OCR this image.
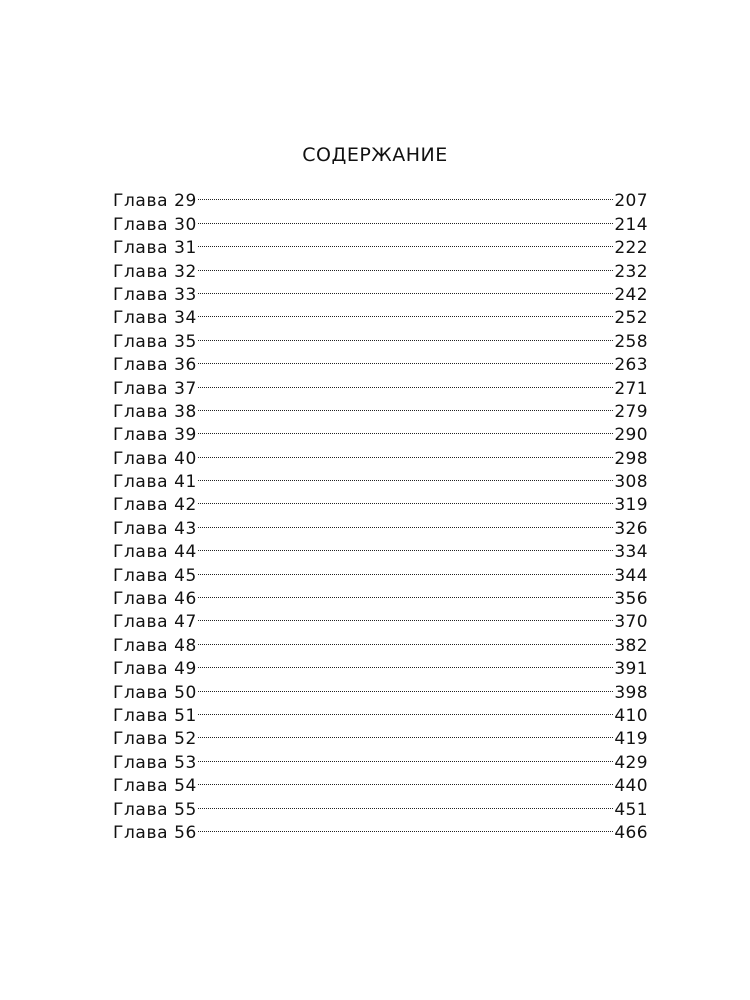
СОДЕРЖАНИЕ
Глава 29	207
Глава 30	214
Глава 31	222
Глава 32	232
Глава 33	242
Глава 34	252
Глава 35	258
Глава 36	263
Глава 37	271
Глава 38	279
Глава 39	290
Глава 40	298
Глава 41	308
Глава 42	319
Глава 43	326
Глава 44	334
Глава 45	344
Глава 46	356
Глава 47	370
Глава 48	382
Глава 49	391
Глава 50	398
Глава 51	410
Глава 52	419
Глава 53	429
Глава 54	440
Глава 55	451
Глава 56	466
